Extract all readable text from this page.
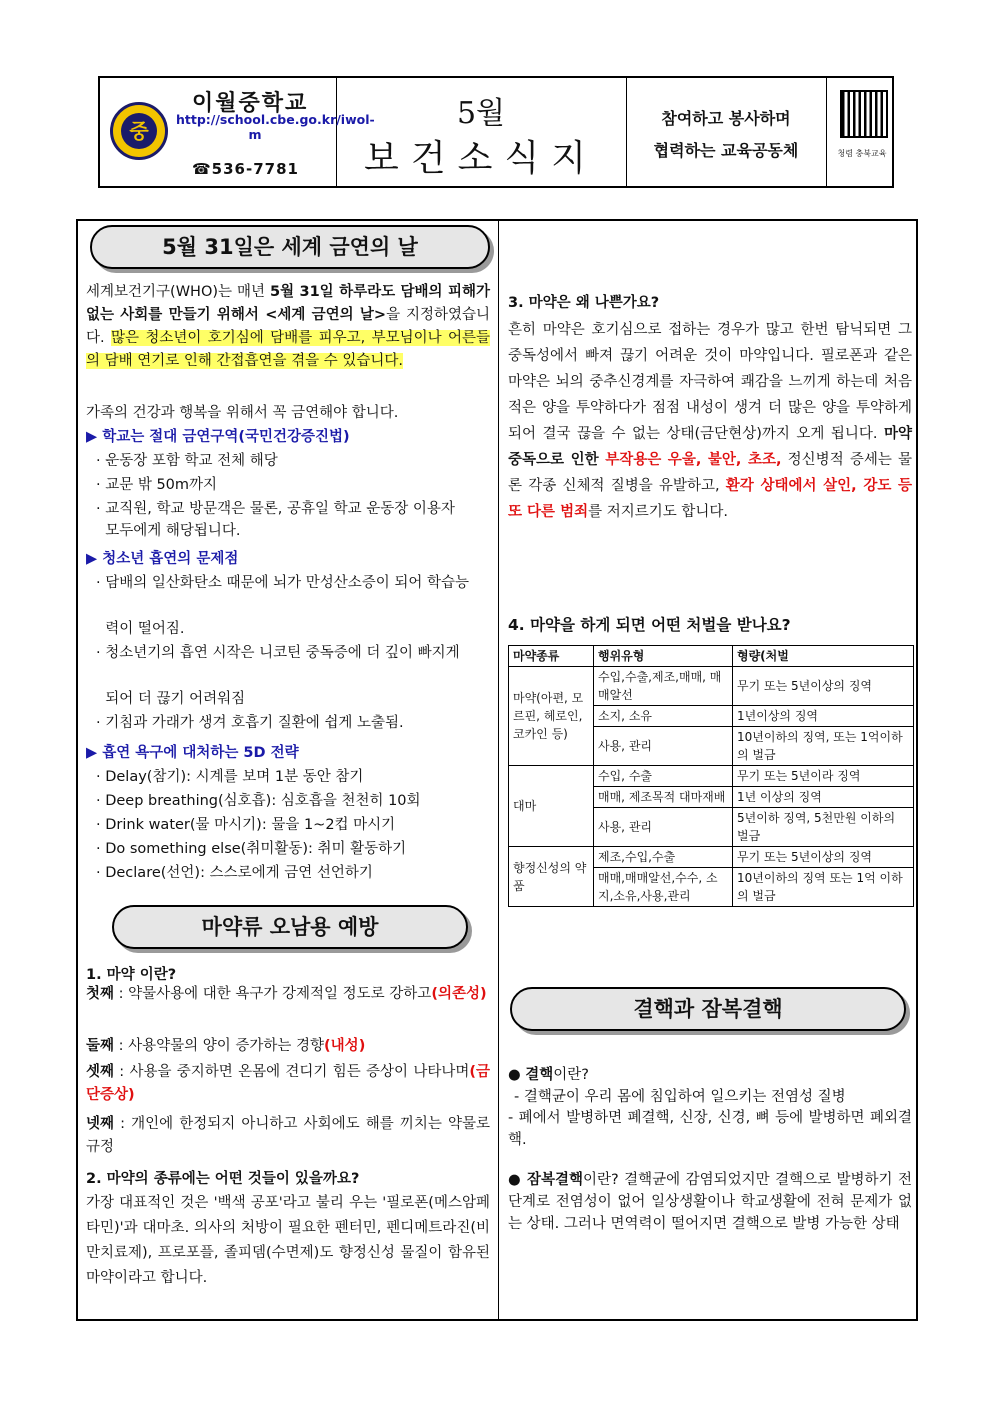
중
이월중학교
http://school.cbe.go.kr/iwol-m
☎536-7781
5월
보건소식지
참여하고 봉사하며
협력하는 교육공동체	청렴 충북교육
5월 31일은 세계 금연의 날
세계보건기구(WHO)는 매년 5월 31일 하루라도 담배의 피해가 없는 사회를 만들기 위해서 <세계 금연의 날>을 지정하였습니다. 많은 청소년이 호기심에 담배를 피우고, 부모님이나 어른들의 담배 연기로 인해 간접흡연을 겪을 수 있습니다.
가족의 건강과 행복을 위해서 꼭 금연해야 합니다.
▶ 학교는 절대 금연구역(국민건강증진법)
· 운동장 포함 학교 전체 해당
· 교문 밖 50m까지
· 교직원, 학교 방문객은 물론, 공휴일 학교 운동장 이용자
모두에게 해당됩니다.
▶ 청소년 흡연의 문제점
· 담배의 일산화탄소 때문에 뇌가 만성산소증이 되어 학습능
력이 떨어짐.
· 청소년기의 흡연 시작은 니코틴 중독증에 더 깊이 빠지게
되어 더 끊기 어려워짐
· 기침과 가래가 생겨 호흡기 질환에 쉽게 노출됨.
▶ 흡연 욕구에 대처하는 5D 전략
· Delay(참기): 시계를 보며 1분 동안 참기
· Deep breathing(심호흡): 심호흡을 천천히 10회
· Drink water(물 마시기): 물을 1~2컵 마시기
· Do something else(취미활동): 취미 활동하기
· Declare(선언): 스스로에게 금연 선언하기
마약류 오남용 예방
1. 마약 이란?
첫째 : 약물사용에 대한 욕구가 강제적일 정도로 강하고(의존성)
둘째 : 사용약물의 양이 증가하는 경향(내성)
셋째 : 사용을 중지하면 온몸에 견디기 힘든 증상이 나타나며(금단증상)
넷째 : 개인에 한정되지 아니하고 사회에도 해를 끼치는 약물로 규정
2. 마약의 종류에는 어떤 것들이 있을까요?
가장 대표적인 것은 '백색 공포'라고 불리 우는 '필로폰(메스암페타민)'과 대마초. 의사의 처방이 필요한 펜터민, 펜디메트라진(비만치료제), 프로포플, 졸피뎀(수면제)도 향정신성 물질이 함유된 마약이라고 합니다.
3. 마약은 왜 나쁜가요?
흔히 마약은 호기심으로 접하는 경우가 많고 한번 탐닉되면 그 중독성에서 빠져 끊기 어려운 것이 마약입니다. 필로폰과 같은 마약은 뇌의 중추신경계를 자극하여 쾌감을 느끼게 하는데 처음 적은 양을 투약하다가 점점 내성이 생겨 더 많은 양을 투약하게 되어 결국 끊을 수 없는 상태(금단현상)까지 오게 됩니다. 마약 중독으로 인한 부작용은 우울, 불안, 초조, 정신병적 증세는 물론 각종 신체적 질병을 유발하고, 환각 상태에서 살인, 강도 등 또 다른 범죄를 저지르기도 합니다.
4. 마약을 하게 되면 어떤 처벌을 받나요?
마약종류	행위유형	형량(처벌
마약(아편, 모르핀, 헤로인, 코카인 등)	수입,수출,제조,매매, 매매알선	무기 또는 5년이상의 징역
	소지, 소유	1년이상의 징역
	사용, 관리	10년이하의 징역, 또는 1억이하의 벌금
대마	수입, 수출	무기 또는 5년이라 징역
	매매, 제조목적 대마재배	1년 이상의 징역
	사용, 관리	5년이하 징역, 5천만원 이하의 벌금
향정신성의 약품	제조,수입,수출	무기 또는 5년이상의 징역
	매매,매매알선,수수, 소지,소유,사용,관리	10년이하의 징역 또는 1억 이하의 벌금
결핵과 잠복결핵
● 결핵이란?
- 결핵균이 우리 몸에 침입하여 일으키는 전염성 질병
- 폐에서 발병하면 폐결핵, 신장, 신경, 뼈 등에 발병하면 폐외결핵.
● 잠복결핵이란? 결핵균에 감염되었지만 결핵으로 발병하기 전 단계로 전염성이 없어 일상생활이나 학교생활에 전혀 문제가 없는 상태. 그러나 면역력이 떨어지면 결핵으로 발병 가능한 상태
